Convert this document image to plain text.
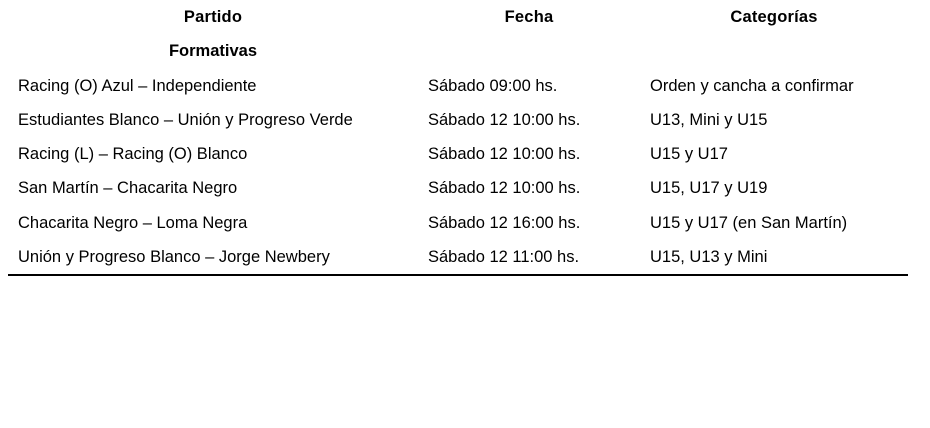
Partido	Fecha	Categorías
Formativas		
Racing (O) Azul – Independiente	Sábado 09:00 hs.	Orden y cancha a confirmar
Estudiantes Blanco – Unión y Progreso Verde	Sábado 12 10:00 hs.	U13, Mini y U15
Racing (L) – Racing (O) Blanco	Sábado 12 10:00 hs.	U15 y U17
San Martín – Chacarita Negro	Sábado 12 10:00 hs.	U15, U17 y U19
Chacarita Negro – Loma Negra	Sábado 12 16:00 hs.	U15 y U17 (en San Martín)
Unión y Progreso Blanco – Jorge Newbery	Sábado 12 11:00 hs.	U15, U13 y Mini
